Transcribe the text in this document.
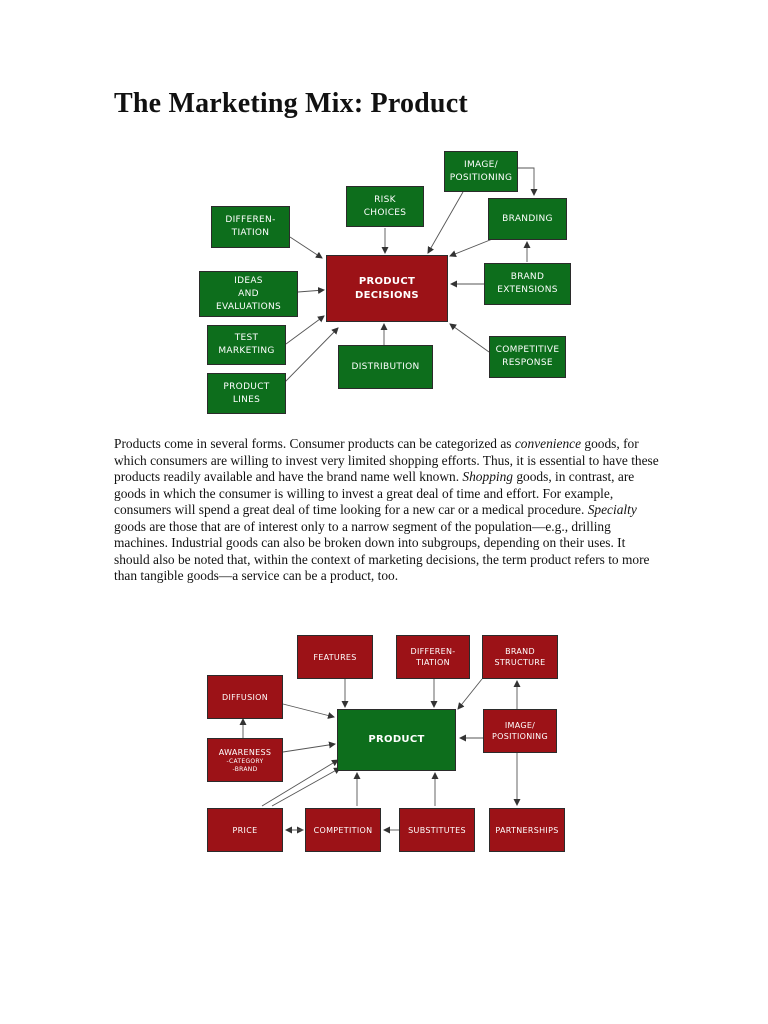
The Marketing Mix: Product
IMAGE/
POSITIONING
RISK
CHOICES
BRANDING
DIFFEREN-
TIATION
PRODUCT
DECISIONS
IDEAS
AND
EVALUATIONS
BRAND
EXTENSIONS
TEST
MARKETING
DISTRIBUTION
COMPETITIVE
RESPONSE
PRODUCT
LINES

Products come in several forms. Consumer products can be categorized as convenience goods, for which consumers are willing to invest very limited shopping efforts. Thus, it is essential to have these products readily available and have the brand name well known. Shopping goods, in contrast, are goods in which the consumer is willing to invest a great deal of time and effort. For example, consumers will spend a great deal of time looking for a new car or a medical procedure. Specialty goods are those that are of interest only to a narrow segment of the population—e.g., drilling machines. Industrial goods can also be broken down into subgroups, depending on their uses. It should also be noted that, within the context of marketing decisions, the term product refers to more than tangible goods—a service can be a product, too.

FEATURES
DIFFEREN-
TIATION
BRAND
STRUCTURE
DIFFUSION
PRODUCT
IMAGE/
POSITIONING
AWARENESS
-CATEGORY
-BRAND
PRICE	COMPETITION	SUBSTITUTES	PARTNERSHIPS
